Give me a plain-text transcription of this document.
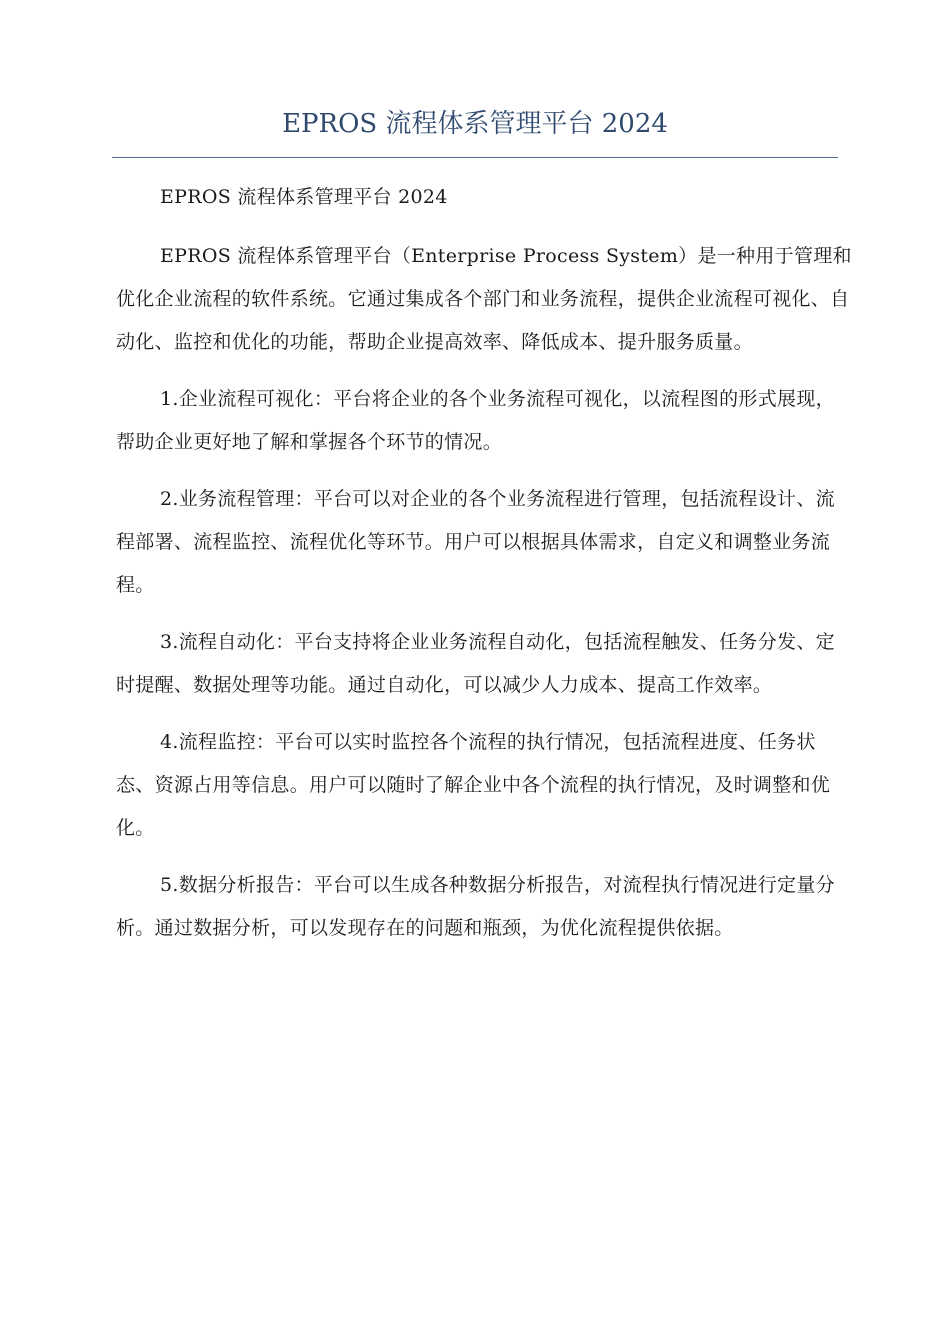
EPROS 流程体系管理平台 2024

EPROS 流程体系管理平台 2024

EPROS 流程体系管理平台（Enterprise Process System）是一种用于管理和优化企业流程的软件系统。它通过集成各个部门和业务流程，提供企业流程可视化、自动化、监控和优化的功能，帮助企业提高效率、降低成本、提升服务质量。

1.企业流程可视化：平台将企业的各个业务流程可视化，以流程图的形式展现，帮助企业更好地了解和掌握各个环节的情况。

2.业务流程管理：平台可以对企业的各个业务流程进行管理，包括流程设计、流程部署、流程监控、流程优化等环节。用户可以根据具体需求，自定义和调整业务流程。

3.流程自动化：平台支持将企业业务流程自动化，包括流程触发、任务分发、定时提醒、数据处理等功能。通过自动化，可以减少人力成本、提高工作效率。

4.流程监控：平台可以实时监控各个流程的执行情况，包括流程进度、任务状态、资源占用等信息。用户可以随时了解企业中各个流程的执行情况，及时调整和优化。

5.数据分析报告：平台可以生成各种数据分析报告，对流程执行情况进行定量分析。通过数据分析，可以发现存在的问题和瓶颈，为优化流程提供依据。
